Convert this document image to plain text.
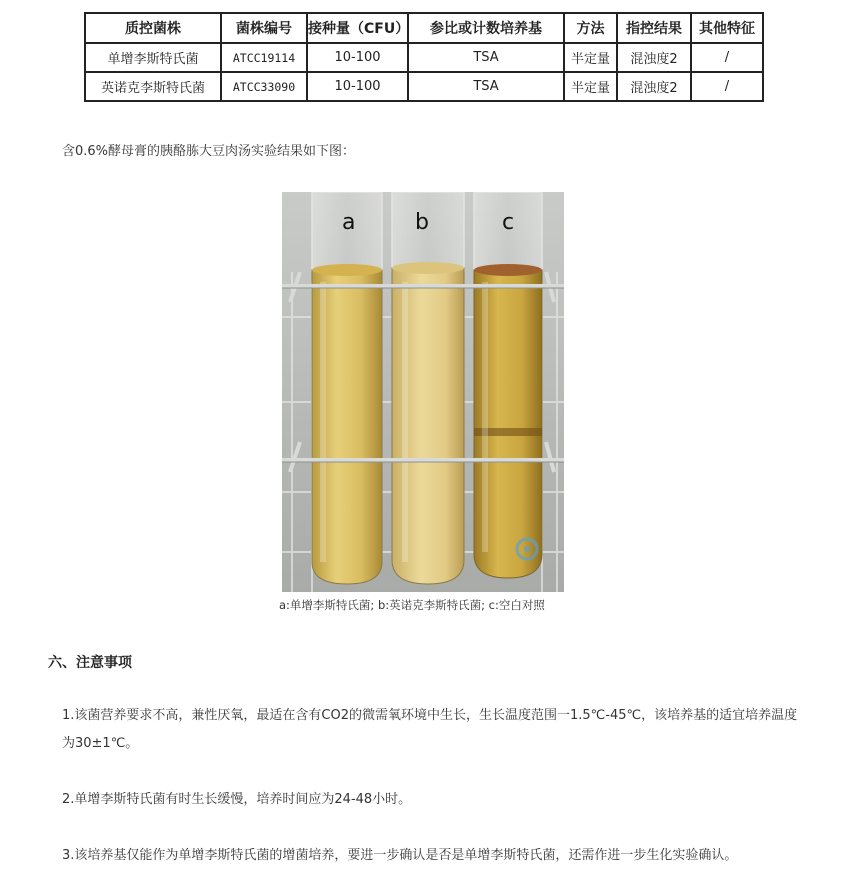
质控菌株	菌株编号	接种量（CFU）	参比或计数培养基	方法	指控结果	其他特征
单增李斯特氏菌	ATCC19114	10-100	TSA	半定量	混浊度2	/
英诺克李斯特氏菌	ATCC33090	10-100	TSA	半定量	混浊度2	/
含0.6%酵母膏的胰酪胨大豆肉汤实验结果如下图：
a	b	c
a:单增李斯特氏菌; b:英诺克李斯特氏菌; c:空白对照
六、注意事项
1.该菌营养要求不高，兼性厌氧，最适在含有CO2的微需氧环境中生长，生长温度范围一1.5℃-45℃，该培养基的适宜培养温度为30±1℃。
2.单增李斯特氏菌有时生长缓慢，培养时间应为24-48小时。
3.该培养基仅能作为单增李斯特氏菌的增菌培养，要进一步确认是否是单增李斯特氏菌，还需作进一步生化实验确认。
